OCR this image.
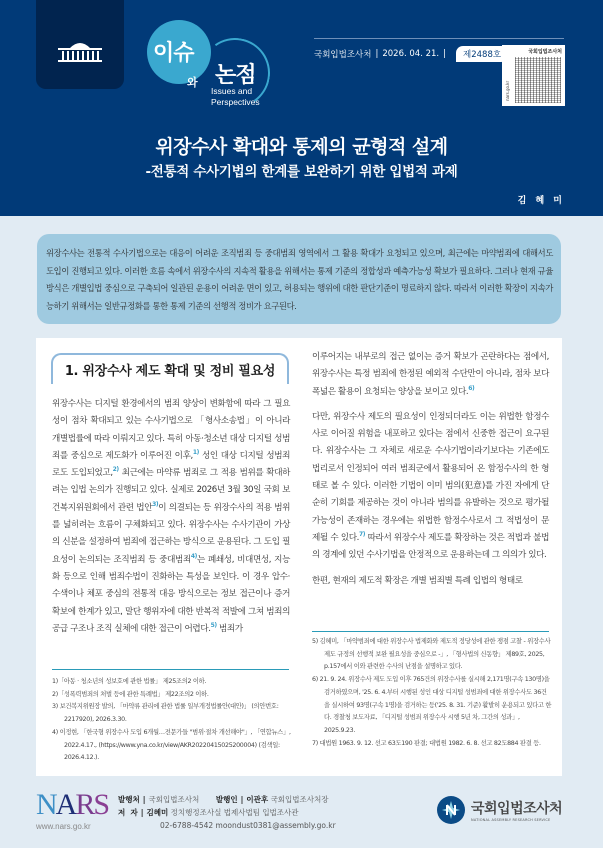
이슈
와 논점
Issues and
Perspectives
국회입법조사처 | 2026. 04. 21. |	제2488호	국회입법조사처
nars.go.kr
위장수사 확대와 통제의 균형적 설계
-전통적 수사기법의 한계를 보완하기 위한 입법적 과제
김 혜 미
위장수사는 전통적 수사기법으로는 대응이 어려운 조직범죄 등 중대범죄 영역에서 그 활용 확대가 요청되고 있으며, 최근에는 마약범죄에 대해서도 도입이 진행되고 있다. 이러한 흐름 속에서 위장수사의 지속적 활용을 위해서는 통제 기준의 정합성과 예측가능성 확보가 필요하다. 그러나 현재 규율방식은 개별입법 중심으로 구축되어 일관된 운용이 어려운 면이 있고, 허용되는 행위에 대한 판단기준이 명료하지 않다. 따라서 이러한 확장이 지속가능하기 위해서는 일반규정화를 통한 통제 기준의 선행적 정비가 요구된다.
1. 위장수사 제도 확대 및 정비 필요성

위장수사는 디지털 환경에서의 범죄 양상이 변화함에 따라 그 필요성이 점차 확대되고 있는 수사기법으로 「형사소송법」이 아니라 개별법률에 따라 이뤄지고 있다. 특히 아동·청소년 대상 디지털 성범죄를 중심으로 제도화가 이루어진 이후,$^{1)}$ 성인 대상 디지털 성범죄로도 도입되었고,$^{2)}$ 최근에는 마약류 범죄로 그 적용 범위를 확대하려는 입법 논의가 진행되고 있다. 실제로 2026년 3월 30일 국회 보건복지위원회에서 관련 법안$^{3)}$이 의결되는 등 위장수사의 적용 범위를 넓히려는 흐름이 구체화되고 있다. 위장수사는 수사기관이 가상의 신분을 설정하여 범죄에 접근하는 방식으로 운용된다. 그 도입 필요성이 논의되는 조직범죄 등 중대범죄$^{4)}$는 폐쇄성, 비대면성, 지능화 등으로 인해 범죄수법이 진화하는 특성을 보인다. 이 경우 압수·수색이나 체포 중심의 전통적 대응 방식으로는 정보 접근이나 증거 확보에 한계가 있고, 말단 행위자에 대한 반복적 적발에 그쳐 범죄의 공급 구조나 조직 실체에 대한 접근이 어렵다.$^{5)}$ 범죄가

이루어지는 내부로의 접근 없이는 증거 확보가 곤란하다는 점에서, 위장수사는 특정 범죄에 한정된 예외적 수단만이 아니라, 점차 보다 폭넓은 활용이 요청되는 양상을 보이고 있다.$^{6)}$

다만, 위장수사 제도의 필요성이 인정되더라도 이는 위법한 함정수사로 이어질 위험을 내포하고 있다는 점에서 신중한 접근이 요구된다. 위장수사는 그 자체로 새로운 수사기법이라기보다는 기존에도 법리로서 인정되어 여러 범죄군에서 활용되어 온 함정수사의 한 형태로 볼 수 있다. 이러한 기법이 이미 범의(犯意)를 가진 자에게 단순히 기회를 제공하는 것이 아니라 범의를 유발하는 것으로 평가될 가능성이 존재하는 경우에는 위법한 함정수사로서 그 적법성이 문제될 수 있다.$^{7)}$ 따라서 위장수사 제도를 확장하는 것은 적법과 불법의 경계에 있던 수사기법을 안정적으로 운용하는데 그 의의가 있다.

한편, 현재의 제도적 확장은 개별 범죄별 특례 입법의 형태로

1)「아동 · 청소년의 성보호에 관한 법률」 제25조의2 이하.
2)「성폭력범죄의 처벌 등에 관한 특례법」 제22조의2 이하.
3) 보건복지위원장 발의, 「마약류 관리에 관한 법률 일부개정법률안(대안)」 (의안번호: 2217920), 2026.3.30.
4) 이정현, 「한국형 위장수사 도입 6개월…전문가들 "범위·절차 개선해야"」, 「연합뉴스」, 2022.4.17., (https://www.yna.co.kr/view/AKR20220415025200004) (검색일: 2026.4.12.).
5) 김혜미, 「마약범죄에 대한 위장수사 법제화와 제도적 정당성에 관한 쟁점 고찰 - 위장수사제도 규정의 선행적 보완 필요성을 중심으로 -」, 「형사법의 신동향」 제89호, 2025, p.157에서 이와 관련한 수사의 난점을 설명하고 있다.
6) 21. 9. 24. 위장수사 제도 도입 이후 765건의 위장수사를 실시해 2,171명(구속 130명)을 검거하였으며, '25. 6. 4.부터 시행된 성인 대상 디지털 성범죄에 대한 위장수사도 36건을 실시하여 93명(구속 1명)을 검거하는 등('25. 8. 31. 기준) 활발히 운용되고 있다고 한다. 경찰청 보도자료, 「디지털 성범죄 위장수사 시행 5년 차, 그간의 성과」, 2025.9.23.
7) 대법원 1963. 9. 12. 선고 63도190 판결; 대법원 1982. 6. 8. 선고 82도884 판결 등.
NARS
www.nars.go.kr
발행처 | 국회입법조사처 발행인 | 이관후 국회입법조사처장
저  자 | 김혜미 정치행정조사실 법제사법팀 입법조사관
02-6788-4542 moondust0381@assembly.go.kr
국회입법조사처
NATIONAL ASSEMBLY RESEARCH SERVICE
